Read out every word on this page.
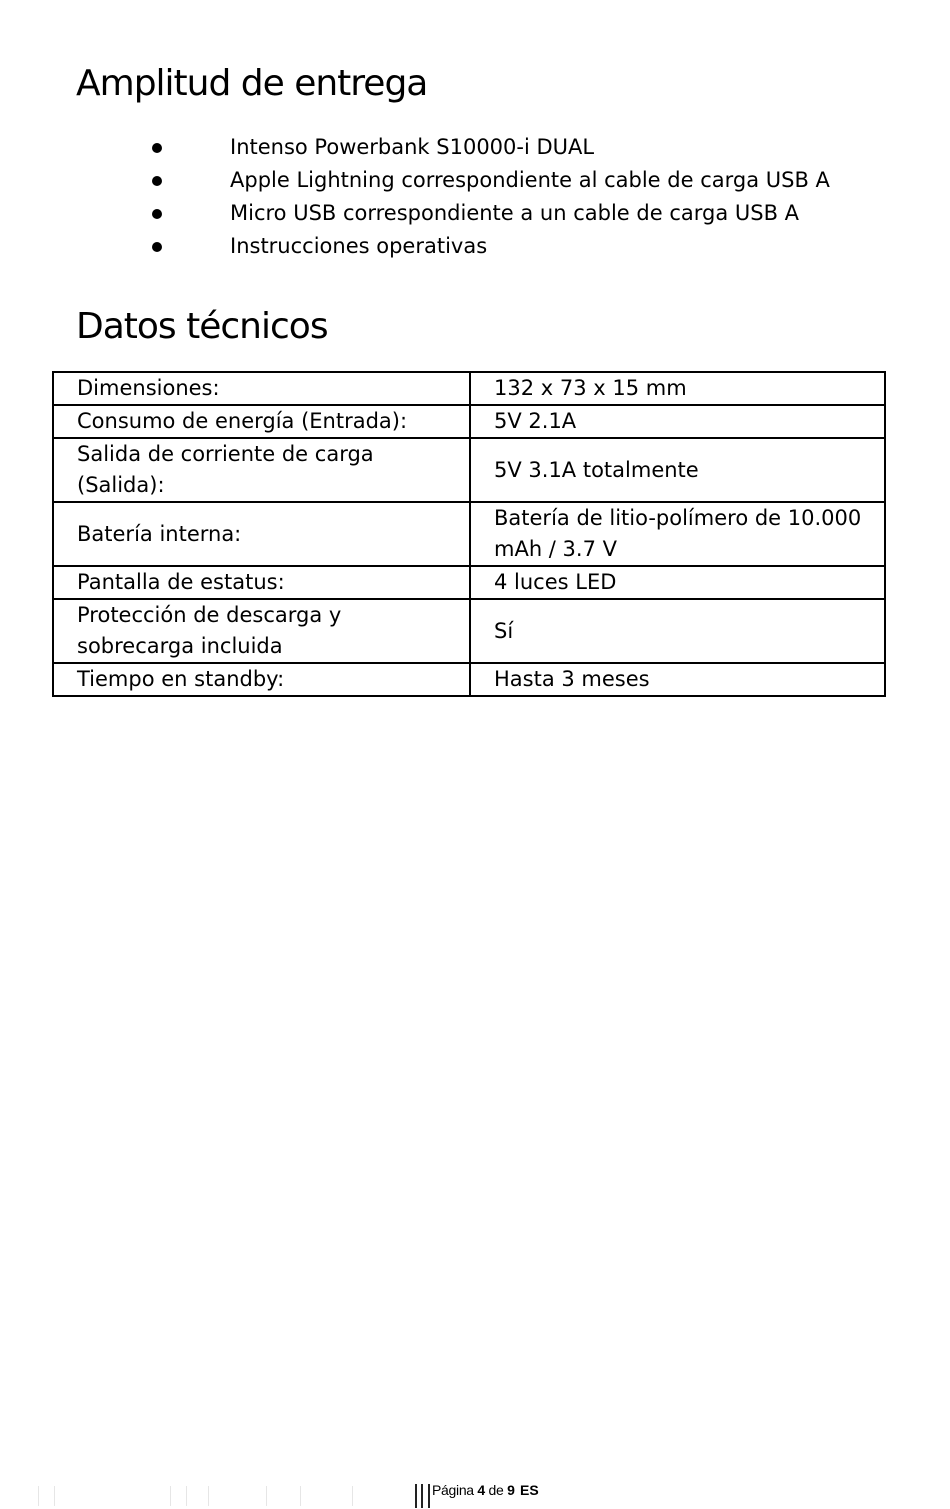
Amplitud de entrega
Intenso Powerbank S10000-i DUAL
Apple Lightning correspondiente al cable de carga USB A
Micro USB correspondiente a un cable de carga USB A
Instrucciones operativas
Datos técnicos
Dimensiones:	132 x 73 x 15 mm
Consumo de energía (Entrada):	5V 2.1A
Salida de corriente de carga (Salida):	5V 3.1A totalmente
Batería interna:	Batería de litio-polímero de 10.000 mAh / 3.7 V
Pantalla de estatus:	4 luces LED
Protección de descarga y sobrecarga incluida	Sí
Tiempo en standby:	Hasta 3 meses
Página 4 de 9 ES
